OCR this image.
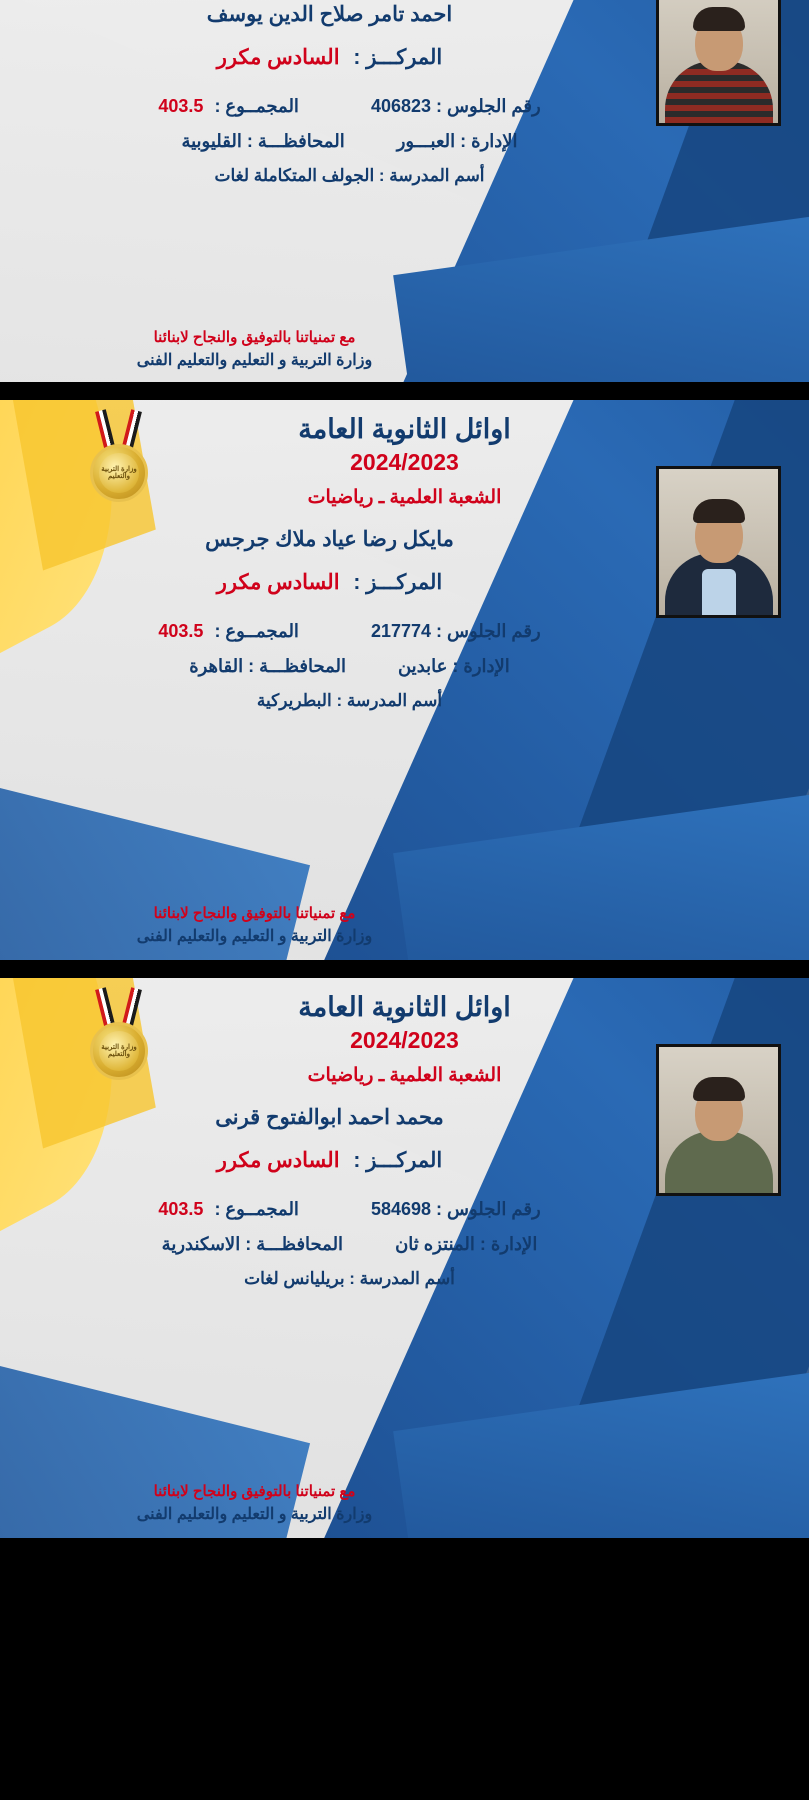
احمد تامر صلاح الدين يوسف
المركـــز : السادس مكرر
رقم الجلوس : 406823
المجمــوع : 403.5
الإدارة : العبـــور
المحافظـــة : القليوبية
أسم المدرسة : الجولف المتكاملة لغات
مع تمنياتنا بالتوفيق والنجاح لابنائنا
وزارة التربية و التعليم والتعليم الفنى
وزارة التربية والتعليم
اوائل الثانوية العامة
2024/2023
الشعبة العلمية ـ رياضيات
مايكل رضا عياد ملاك جرجس
المركـــز : السادس مكرر
رقم الجلوس : 217774
المجمــوع : 403.5
الإدارة : عابدين
المحافظـــة : القاهرة
أسم المدرسة : البطريركية
مع تمنياتنا بالتوفيق والنجاح لابنائنا
وزارة التربية و التعليم والتعليم الفنى
وزارة التربية والتعليم
اوائل الثانوية العامة
2024/2023
الشعبة العلمية ـ رياضيات
محمد احمد ابوالفتوح قرنى
المركـــز : السادس مكرر
رقم الجلوس : 584698
المجمــوع : 403.5
الإدارة : المنتزه ثان
المحافظـــة : الاسكندرية
أسم المدرسة : بريليانس لغات
مع تمنياتنا بالتوفيق والنجاح لابنائنا
وزارة التربية و التعليم والتعليم الفنى
